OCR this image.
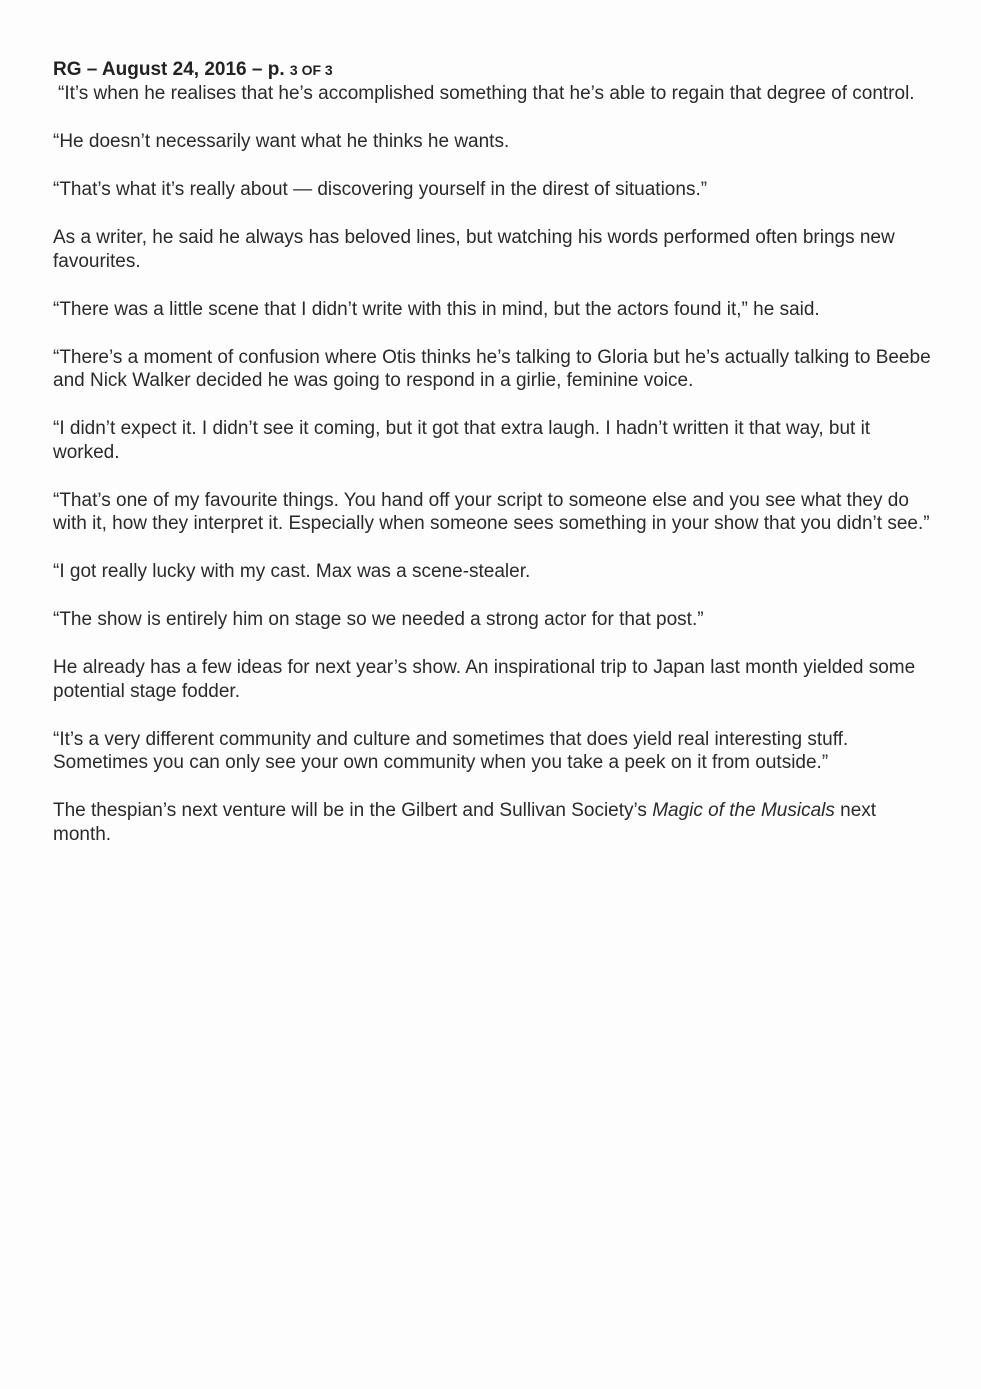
RG – August 24, 2016 – p. 3 OF 3

“It’s when he realises that he’s accomplished something that he’s able to regain that degree of control.

“He doesn’t necessarily want what he thinks he wants.

“That’s what it’s really about — discovering yourself in the direst of situations.”

As a writer, he said he always has beloved lines, but watching his words performed often brings new favourites.

“There was a little scene that I didn’t write with this in mind, but the actors found it,” he said.

“There’s a moment of confusion where Otis thinks he’s talking to Gloria but he’s actually talking to Beebe and Nick Walker decided he was going to respond in a girlie, feminine voice.

“I didn’t expect it. I didn’t see it coming, but it got that extra laugh. I hadn’t written it that way, but it worked.

“That’s one of my favourite things. You hand off your script to someone else and you see what they do with it, how they interpret it. Especially when someone sees something in your show that you didn’t see.”

“I got really lucky with my cast. Max was a scene-stealer.

“The show is entirely him on stage so we needed a strong actor for that post.”

He already has a few ideas for next year’s show. An inspirational trip to Japan last month yielded some potential stage fodder.

“It’s a very different community and culture and sometimes that does yield real interesting stuff. Sometimes you can only see your own community when you take a peek on it from outside.”

The thespian’s next venture will be in the Gilbert and Sullivan Society’s Magic of the Musicals next month.
